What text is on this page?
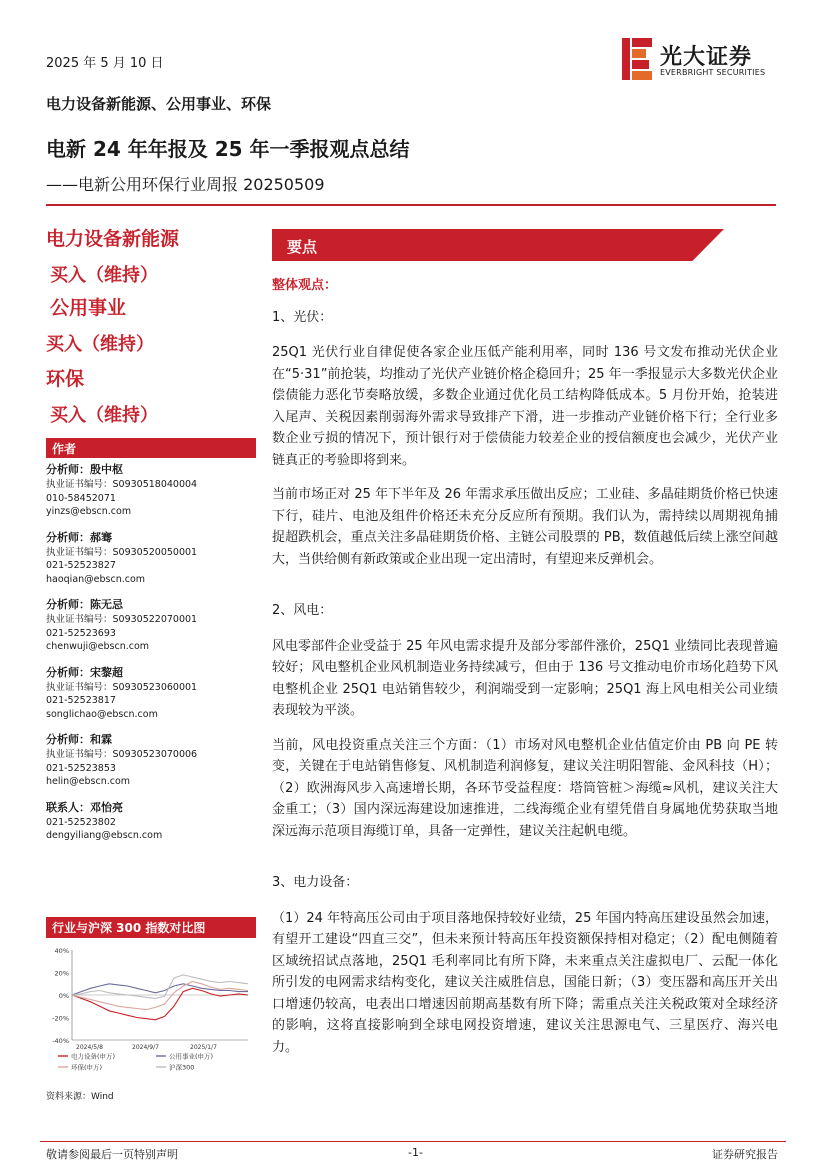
2025 年 5 月 10 日	光大证券
EVERBRIGHT SECURITIES
电力设备新能源、公用事业、环保
电新 24 年年报及 25 年一季报观点总结
——电新公用环保行业周报 20250509
电力设备新能源
买入（维持）
公用事业
买入（维持）
环保
买入（维持）
作者
分析师：殷中枢
执业证书编号：S0930518040004
010-58452071
yinzs@ebscn.com
分析师：郝骞
执业证书编号：S0930520050001
021-52523827
haoqian@ebscn.com
分析师：陈无忌
执业证书编号：S0930522070001
021-52523693
chenwuji@ebscn.com
分析师：宋黎超
执业证书编号：S0930523060001
021-52523817
songlichao@ebscn.com
分析师：和霖
执业证书编号：S0930523070006
021-52523853
helin@ebscn.com
联系人：邓怡亮
021-52523802
dengyiliang@ebscn.com
行业与沪深 300 指数对比图
40%
20%
0%
-20%
-40%
2024/5/8	2024/9/7	2025/1/7
电力设备(申万)	公用事业(申万)
环保(申万)	沪深300
资料来源：Wind
要点
整体观点：
1、光伏：

25Q1 光伏行业自律促使各家企业压低产能利用率，同时 136 号文发布推动光伏企业在“5·31”前抢装，均推动了光伏产业链价格企稳回升；25 年一季报显示大多数光伏企业偿债能力恶化节奏略放缓，多数企业通过优化员工结构降低成本。5 月份开始，抢装进入尾声、关税因素削弱海外需求导致排产下滑，进一步推动产业链价格下行；全行业多数企业亏损的情况下，预计银行对于偿债能力较差企业的授信额度也会减少，光伏产业链真正的考验即将到来。

当前市场正对 25 年下半年及 26 年需求承压做出反应；工业硅、多晶硅期货价格已快速下行，硅片、电池及组件价格还未充分反应所有预期。我们认为，需持续以周期视角捕捉超跌机会，重点关注多晶硅期货价格、主链公司股票的 PB，数值越低后续上涨空间越大，当供给侧有新政策或企业出现一定出清时，有望迎来反弹机会。

2、风电：

风电零部件企业受益于 25 年风电需求提升及部分零部件涨价，25Q1 业绩同比表现普遍较好；风电整机企业风机制造业务持续减亏，但由于 136 号文推动电价市场化趋势下风电整机企业 25Q1 电站销售较少，利润端受到一定影响；25Q1 海上风电相关公司业绩表现较为平淡。

当前，风电投资重点关注三个方面：（1）市场对风电整机企业估值定价由 PB 向 PE 转变，关键在于电站销售修复、风机制造利润修复，建议关注明阳智能、金风科技（H）；（2）欧洲海风步入高速增长期，各环节受益程度：塔筒管桩＞海缆≈风机，建议关注大金重工；（3）国内深远海建设加速推进，二线海缆企业有望凭借自身属地优势获取当地深远海示范项目海缆订单，具备一定弹性，建议关注起帆电缆。

3、电力设备：

（1）24 年特高压公司由于项目落地保持较好业绩，25 年国内特高压建设虽然会加速，有望开工建设“四直三交”，但未来预计特高压年投资额保持相对稳定；（2）配电侧随着区域统招试点落地，25Q1 毛利率同比有所下降，未来重点关注虚拟电厂、云配一体化所引发的电网需求结构变化，建议关注威胜信息，国能日新；（3）变压器和高压开关出口增速仍较高，电表出口增速因前期高基数有所下降；需重点关注关税政策对全球经济的影响，这将直接影响到全球电网投资增速，建议关注思源电气、三星医疗、海兴电力。

敬请参阅最后一页特别声明	-1-	证券研究报告
